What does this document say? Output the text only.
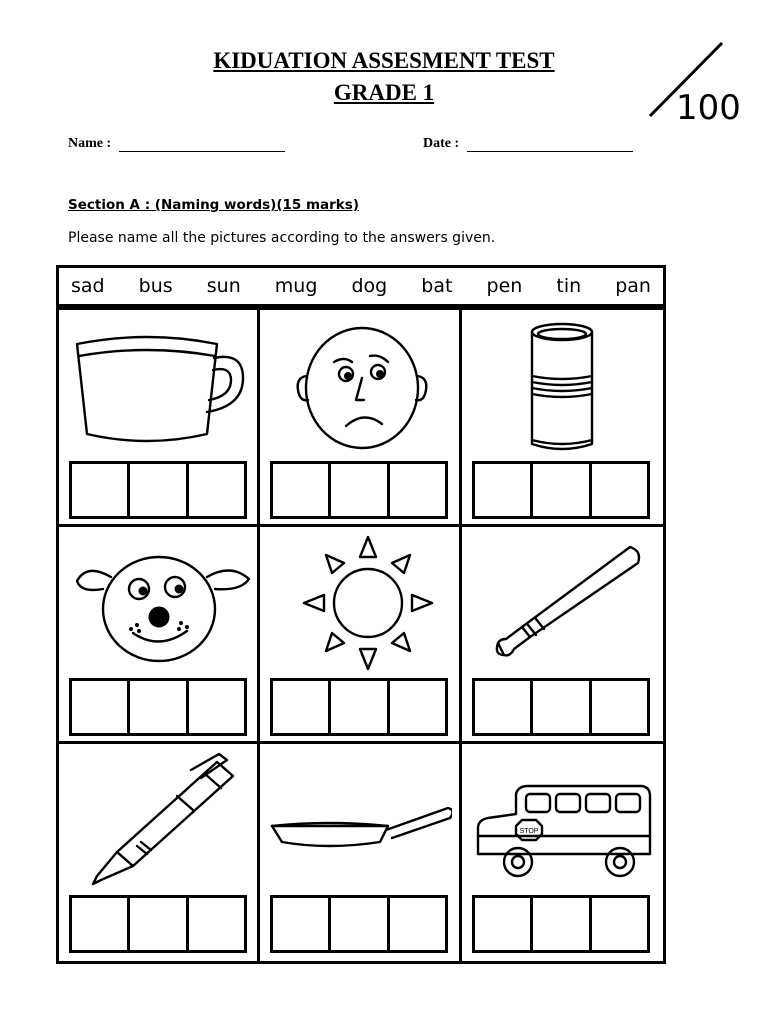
KIDUATION ASSESMENT TEST
GRADE 1	100
Name :	Date :
Section A : (Naming words)(15 marks)
Please name all the pictures according to the answers given.
sad bus sun mug dog bat pen tin pan
STOP
